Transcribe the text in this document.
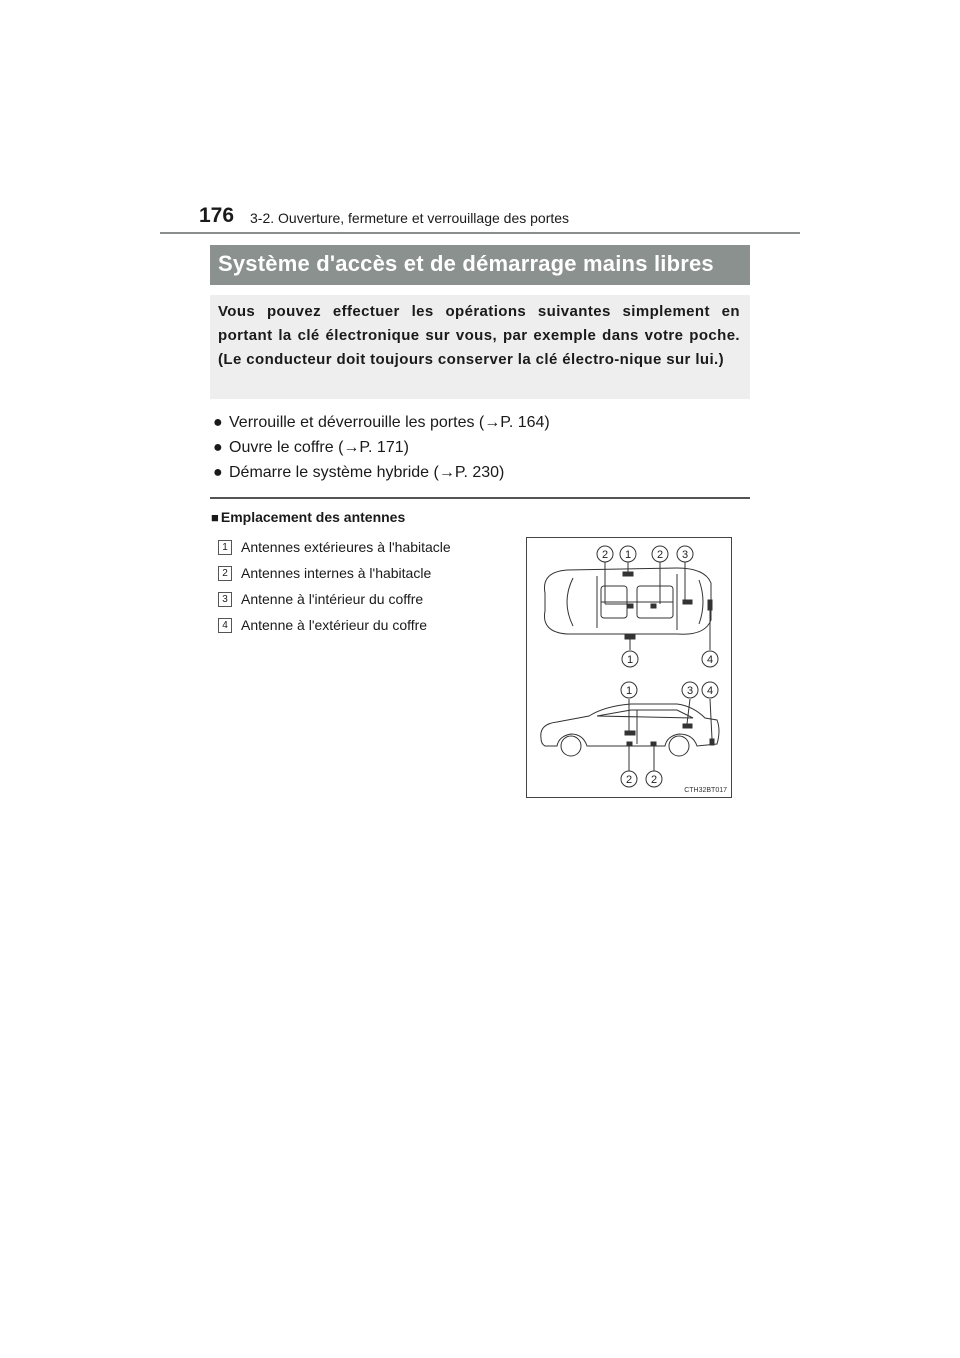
176 3-2. Ouverture, fermeture et verrouillage des portes
Système d'accès et de démarrage mains libres
Vous pouvez effectuer les opérations suivantes simplement en portant la clé électronique sur vous, par exemple dans votre poche. (Le conducteur doit toujours conserver la clé électro-nique sur lui.)
● Verrouille et déverrouille les portes (→P. 164)
● Ouvre le coffre (→P. 171)
● Démarre le système hybride (→P. 230)
■ Emplacement des antennes
1 Antennes extérieures à l'habitacle
2 Antennes internes à l'habitacle
3 Antenne à l'intérieur du coffre
4 Antenne à l'extérieur du coffre
2 1 2 3
1	4
1	3 4
2 2
CTH32BT017
